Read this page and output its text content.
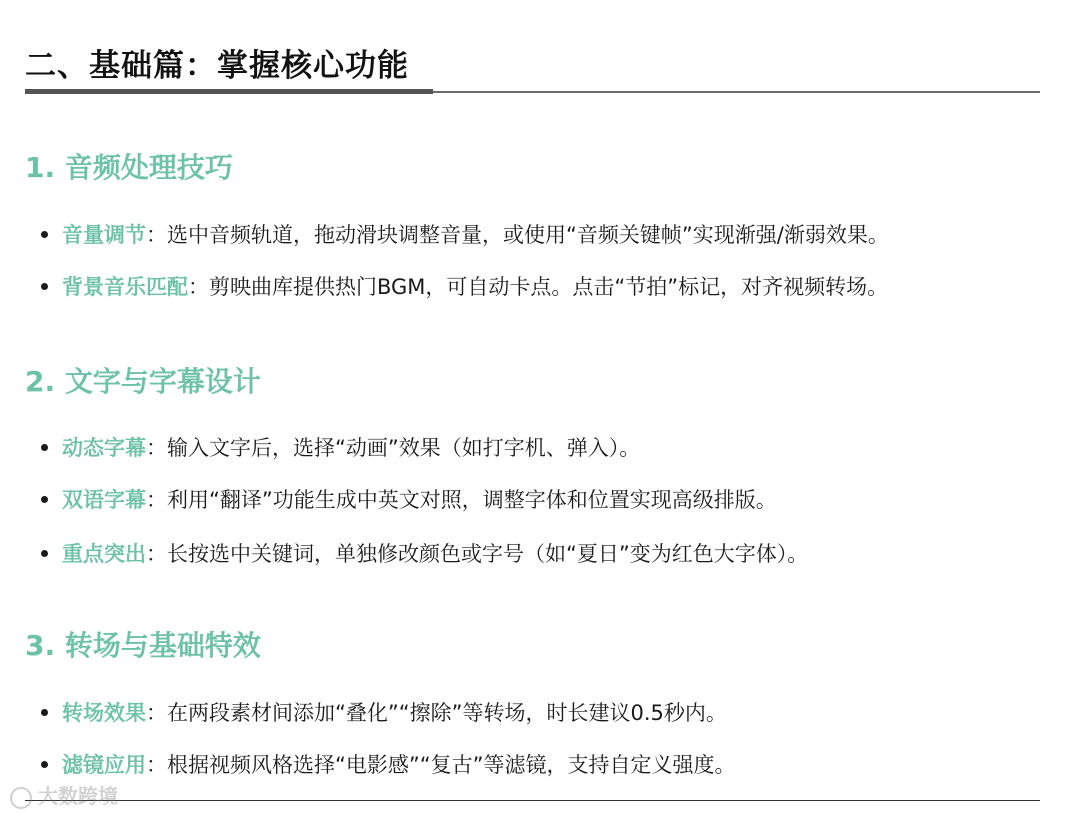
二、基础篇：掌握核心功能
1. 音频处理技巧
音量调节：选中音频轨道，拖动滑块调整音量，或使用“音频关键帧”实现渐强/渐弱效果。
背景音乐匹配：剪映曲库提供热门BGM，可自动卡点。点击“节拍”标记，对齐视频转场。
2. 文字与字幕设计
动态字幕：输入文字后，选择“动画”效果（如打字机、弹入）。
双语字幕：利用“翻译”功能生成中英文对照，调整字体和位置实现高级排版。
重点突出：长按选中关键词，单独修改颜色或字号（如“夏日”变为红色大字体）。
3. 转场与基础特效
转场效果：在两段素材间添加“叠化”“擦除”等转场，时长建议0.5秒内。
滤镜应用：根据视频风格选择“电影感”“复古”等滤镜，支持自定义强度。
大数跨境
